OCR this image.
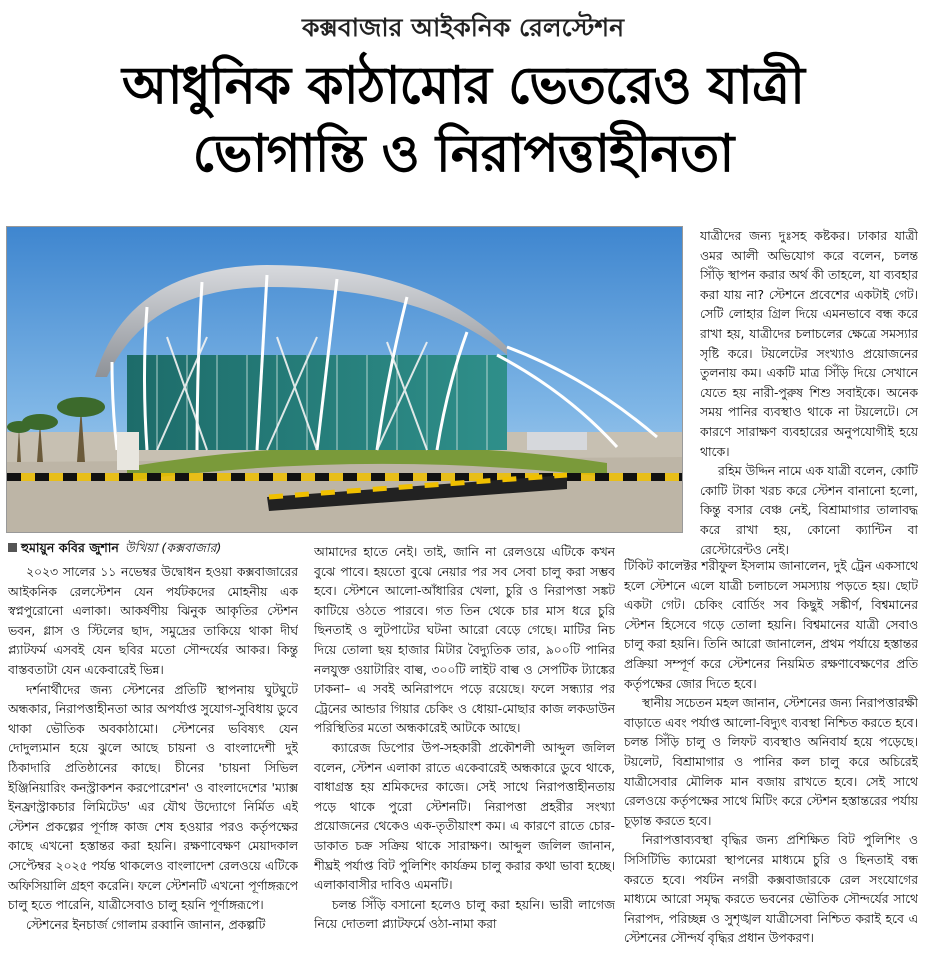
কক্সবাজার আইকনিক রেলস্টেশন
আধুনিক কাঠামোর ভেতরেও যাত্রী
ভোগান্তি ও নিরাপত্তাহীনতা
হুমায়ুন কবির জুশান উখিয়া (কক্সবাজার)

২০২৩ সালের ১১ নভেম্বর উদ্বোধন হওয়া কক্সবাজারের আইকনিক রেলস্টেশন যেন পর্যটকদের মোহনীয় এক স্বপ্নপুরোনো এলাকা। আকর্ষণীয় ঝিনুক আকৃতির স্টেশন ভবন, গ্লাস ও স্টিলের ছাদ, সমুদ্রের তাকিয়ে থাকা দীর্ঘ প্ল্যাটফর্ম এসবই যেন ছবির মতো সৌন্দর্যের আকর। কিন্তু বাস্তবতাটা যেন একেবারেই ভিন্ন।

দর্শনার্থীদের জন্য স্টেশনের প্রতিটি স্থাপনায় ঘুটঘুটে অন্ধকার, নিরাপত্তাহীনতা আর অপর্যাপ্ত সুযোগ-সুবিধায় ডুবে থাকা ভৌতিক অবকাঠামো। স্টেশনের ভবিষ্যৎ যেন দোদুল্যমান হয়ে ঝুলে আছে চায়না ও বাংলাদেশী দুই ঠিকাদারি প্রতিষ্ঠানের কাছে। চীনের 'চায়না সিভিল ইঞ্জিনিয়ারিং কনস্ট্রাকশন করপোরেশন' ও বাংলাদেশের 'ম্যাক্স ইনফ্রাস্ট্রাকচার লিমিটেড' এর যৌথ উদ্যোগে নির্মিত এই স্টেশন প্রকল্পের পূর্ণাঙ্গ কাজ শেষ হওয়ার পরও কর্তৃপক্ষের কাছে এখনো হস্তান্তর করা হয়নি। রক্ষণাবেক্ষণ মেয়াদকাল সেপ্টেম্বর ২০২৫ পর্যন্ত থাকলেও বাংলাদেশ রেলওয়ে এটিকে অফিসিয়ালি গ্রহণ করেনি। ফলে স্টেশনটি এখনো পূর্ণাঙ্গরূপে চালু হতে পারেনি, যাত্রীসেবাও চালু হয়নি পূর্ণাঙ্গরূপে।

স্টেশনের ইনচার্জ গোলাম রব্বানি জানান, প্রকল্পটি

আমাদের হাতে নেই। তাই, জানি না রেলওয়ে এটিকে কখন বুঝে পাবে। হয়তো বুঝে নেয়ার পর সব সেবা চালু করা সম্ভব হবে। স্টেশনে আলো-আঁধারির খেলা, চুরি ও নিরাপত্তা সঙ্কট কাটিয়ে ওঠতে পারবে। গত তিন থেকে চার মাস ধরে চুরি ছিনতাই ও লুটপাটের ঘটনা আরো বেড়ে গেছে। মাটির নিচ দিয়ে তোলা ছয় হাজার মিটার বৈদ্যুতিক তার, ৯০০টি পানির নলযুক্ত ওয়াটারিং বাল্ব, ৩০০টি লাইট বাল্ব ও সেপটিক ট্যাঙ্কের ঢাকনা– এ সবই অনিরাপদে পড়ে রয়েছে। ফলে সন্ধ্যার পর ট্রেনের আন্ডার গিয়ার চেকিং ও ধোয়া-মোছার কাজ লকডাউন পরিস্থিতির মতো অন্ধকারেই আটকে আছে।

ক্যারেজ ডিপোর উপ-সহকারী প্রকৌশলী আব্দুল জলিল বলেন, স্টেশন এলাকা রাতে একেবারেই অন্ধকারে ডুবে থাকে, বাধাগ্রস্ত হয় শ্রমিকদের কাজে। সেই সাথে নিরাপত্তাহীনতায় পড়ে থাকে পুরো স্টেশনটি। নিরাপত্তা প্রহরীর সংখ্যা প্রয়োজনের থেকেও এক-তৃতীয়াংশ কম। এ কারণে রাতে চোর-ডাকাত চক্র সক্রিয় থাকে সারাক্ষণ। আব্দুল জলিল জানান, শীঘ্রই পর্যাপ্ত বিট পুলিশিং কার্যক্রম চালু করার কথা ভাবা হচ্ছে। এলাকাবাসীর দাবিও এমনটি।

চলন্ত সিঁড়ি বসানো হলেও চালু করা হয়নি। ভারী লাগেজ নিয়ে দোতলা প্ল্যাটফর্মে ওঠা-নামা করা

যাত্রীদের জন্য দুঃসহ কষ্টকর। ঢাকার যাত্রী ওমর আলী অভিযোগ করে বলেন, চলন্ত সিঁড়ি স্থাপন করার অর্থ কী তাহলে, যা ব্যবহার করা যায় না? স্টেশনে প্রবেশের একটাই গেট। সেটি লোহার গ্রিল দিয়ে এমনভাবে বন্ধ করে রাখা হয়, যাত্রীদের চলাচলের ক্ষেত্রে সমস্যার সৃষ্টি করে। টয়লেটের সংখ্যাও প্রয়োজনের তুলনায় কম। একটি মাত্র সিঁড়ি দিয়ে সেখানে যেতে হয় নারী-পুরুষ শিশু সবাইকে। অনেক সময় পানির ব্যবস্থাও থাকে না টয়লেটে। সে কারণে সারাক্ষণ ব্যবহারের অনুপযোগীই হয়ে থাকে।

রহিম উদ্দিন নামে এক যাত্রী বলেন, কোটি কোটি টাকা খরচ করে স্টেশন বানানো হলো, কিন্তু বসার বেঞ্চ নেই, বিশ্রামাগার তালাবদ্ধ করে রাখা হয়, কোনো ক্যান্টিন বা রেস্টোরেন্টও নেই।

টিকিট কালেক্টর শরীফুল ইসলাম জানালেন, দুই ট্রেন একসাথে হলে স্টেশনে এলে যাত্রী চলাচলে সমস্যায় পড়তে হয়। ছোট একটা গেট। চেকিং বোর্ডিং সব কিছুই সঙ্কীর্ণ, বিশ্বমানের স্টেশন হিসেবে গড়ে তোলা হয়নি। বিশ্বমানের যাত্রী সেবাও চালু করা হয়নি। তিনি আরো জানালেন, প্রথম পর্যায়ে হস্তান্তর প্রক্রিয়া সম্পূর্ণ করে স্টেশনের নিয়মিত রক্ষণাবেক্ষণের প্রতি কর্তৃপক্ষের জোর দিতে হবে।

স্থানীয় সচেতন মহল জানান, স্টেশনের জন্য নিরাপত্তারক্ষী বাড়াতে এবং পর্যাপ্ত আলো-বিদ্যুৎ ব্যবস্থা নিশ্চিত করতে হবে। চলন্ত সিঁড়ি চালু ও লিফট ব্যবস্থাও অনিবার্য হয়ে পড়েছে। টয়লেট, বিশ্রামাগার ও পানির কল চালু করে অচিরেই যাত্রীসেবার মৌলিক মান বজায় রাখতে হবে। সেই সাথে রেলওয়ে কর্তৃপক্ষের সাথে মিটিং করে স্টেশন হস্তান্তরের পর্যায় চূড়ান্ত করতে হবে।

নিরাপত্তাব্যবস্থা বৃদ্ধির জন্য প্রশিক্ষিত বিট পুলিশিং ও সিসিটিভি ক্যামেরা স্থাপনের মাধ্যমে চুরি ও ছিনতাই বন্ধ করতে হবে। পর্যটন নগরী কক্সবাজারকে রেল সংযোগের মাধ্যমে আরো সমৃদ্ধ করতে ভবনের ভৌতিক সৌন্দর্যের সাথে নিরাপদ, পরিচ্ছন্ন ও সুশৃঙ্খল যাত্রীসেবা নিশ্চিত করাই হবে এ স্টেশনের সৌন্দর্য বৃদ্ধির প্রধান উপকরণ।
